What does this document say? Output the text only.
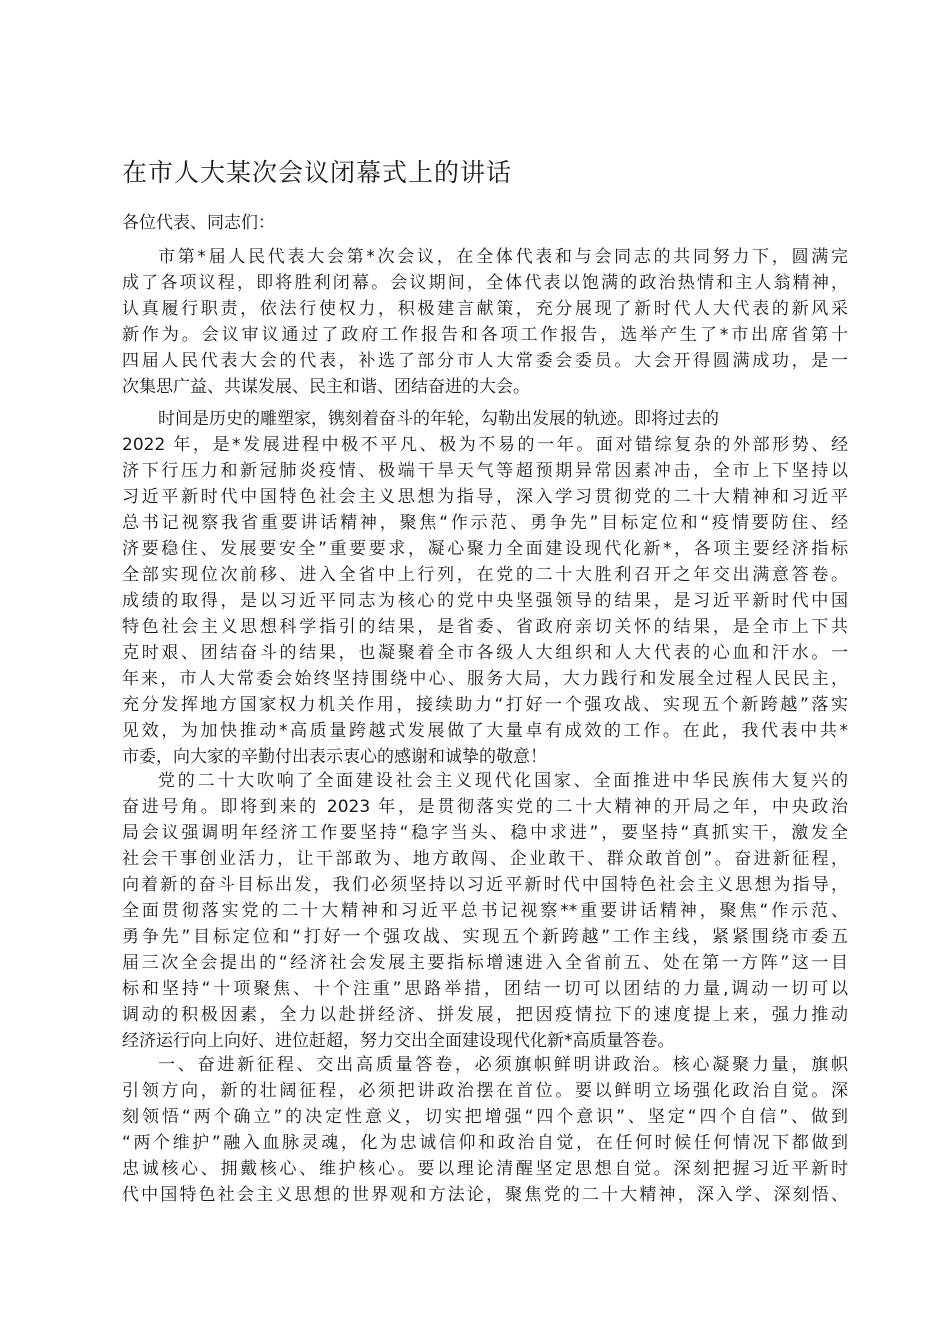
在市人大某次会议闭幕式上的讲话

各位代表、同志们：

市第*届人民代表大会第*次会议，在全体代表和与会同志的共同努力下，圆满完
成了各项议程，即将胜利闭幕。会议期间，全体代表以饱满的政治热情和主人翁精神，
认真履行职责，依法行使权力，积极建言献策，充分展现了新时代人大代表的新风采
新作为。会议审议通过了政府工作报告和各项工作报告，选举产生了*市出席省第十
四届人民代表大会的代表，补选了部分市人大常委会委员。大会开得圆满成功，是一
次集思广益、共谋发展、民主和谐、团结奋进的大会。
时间是历史的雕塑家，镌刻着奋斗的年轮，勾勒出发展的轨迹。即将过去的
2022 年，是*发展进程中极不平凡、极为不易的一年。面对错综复杂的外部形势、经
济下行压力和新冠肺炎疫情、极端干旱天气等超预期异常因素冲击，全市上下坚持以
习近平新时代中国特色社会主义思想为指导，深入学习贯彻党的二十大精神和习近平
总书记视察我省重要讲话精神，聚焦“作示范、勇争先”目标定位和“疫情要防住、经
济要稳住、发展要安全”重要要求，凝心聚力全面建设现代化新*，各项主要经济指标
全部实现位次前移、进入全省中上行列，在党的二十大胜利召开之年交出满意答卷。
成绩的取得，是以习近平同志为核心的党中央坚强领导的结果，是习近平新时代中国
特色社会主义思想科学指引的结果，是省委、省政府亲切关怀的结果，是全市上下共
克时艰、团结奋斗的结果，也凝聚着全市各级人大组织和人大代表的心血和汗水。一
年来，市人大常委会始终坚持围绕中心、服务大局，大力践行和发展全过程人民民主，
充分发挥地方国家权力机关作用，接续助力“打好一个强攻战、实现五个新跨越”落实
见效，为加快推动*高质量跨越式发展做了大量卓有成效的工作。在此，我代表中共*
市委，向大家的辛勤付出表示衷心的感谢和诚挚的敬意！
党的二十大吹响了全面建设社会主义现代化国家、全面推进中华民族伟大复兴的
奋进号角。即将到来的 2023 年，是贯彻落实党的二十大精神的开局之年，中央政治
局会议强调明年经济工作要坚持“稳字当头、稳中求进”，要坚持“真抓实干，激发全
社会干事创业活力，让干部敢为、地方敢闯、企业敢干、群众敢首创”。奋进新征程，
向着新的奋斗目标出发，我们必须坚持以习近平新时代中国特色社会主义思想为指导，
全面贯彻落实党的二十大精神和习近平总书记视察**重要讲话精神，聚焦“作示范、
勇争先”目标定位和“打好一个强攻战、实现五个新跨越”工作主线，紧紧围绕市委五
届三次全会提出的“经济社会发展主要指标增速进入全省前五、处在第一方阵”这一目
标和坚持“十项聚焦、十个注重”思路举措，团结一切可以团结的力量,调动一切可以
调动的积极因素，全力以赴拼经济、拼发展，把因疫情拉下的速度提上来，强力推动
经济运行向上向好、进位赶超，努力交出全面建设现代化新*高质量答卷。
一、奋进新征程、交出高质量答卷，必须旗帜鲜明讲政治。核心凝聚力量，旗帜
引领方向，新的壮阔征程，必须把讲政治摆在首位。要以鲜明立场强化政治自觉。深
刻领悟“两个确立”的决定性意义，切实把增强“四个意识”、坚定“四个自信”、做到
“两个维护”融入血脉灵魂，化为忠诚信仰和政治自觉，在任何时候任何情况下都做到
忠诚核心、拥戴核心、维护核心。要以理论清醒坚定思想自觉。深刻把握习近平新时
代中国特色社会主义思想的世界观和方法论，聚焦党的二十大精神，深入学、深刻悟、
